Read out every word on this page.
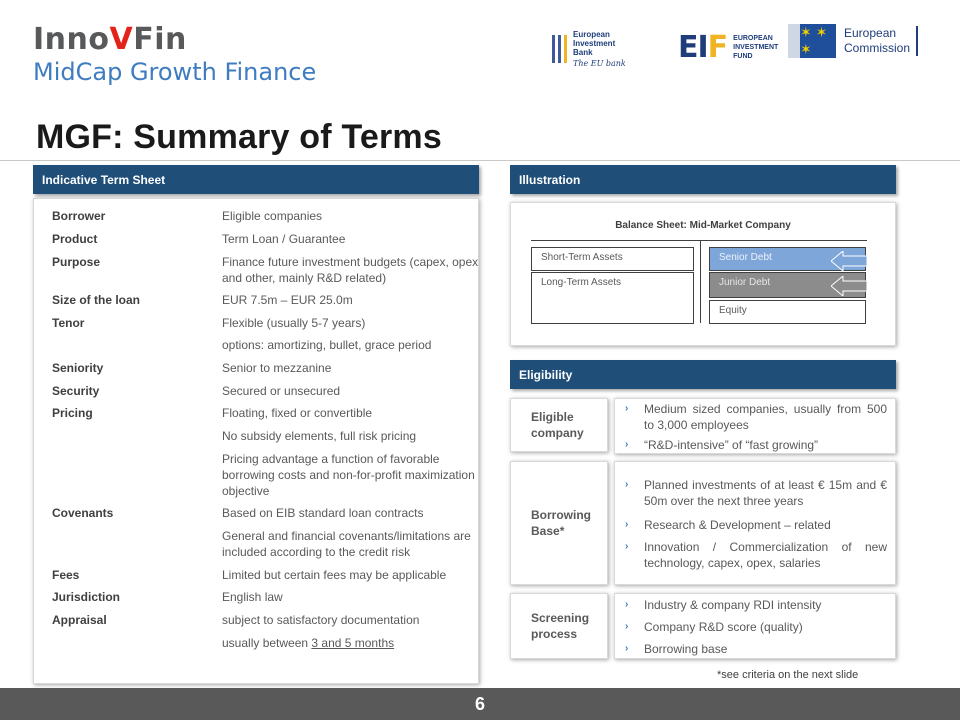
InnoVFin
MidCap Growth Finance
European
Investment
Bank
The EU bank EIF EUROPEAN
INVESTMENT
FUND
✶ ✶ ✶
European
Commission
MGF: Summary of Terms
Indicative Term Sheet
Borrower	Eligible companies
Product	Term Loan / Guarantee
Purpose	Finance future investment budgets (capex, opex and other, mainly R&D related)
Size of the loan	EUR 7.5m – EUR 25.0m
Tenor	Flexible (usually 5-7 years)
options: amortizing, bullet, grace period
Seniority	Senior to mezzanine
Security	Secured or unsecured
Pricing	Floating, fixed or convertible
No subsidy elements, full risk pricing
Pricing advantage a function of favorable borrowing costs and non-for-profit maximization objective
Covenants	Based on EIB standard loan contracts
General and financial covenants/limitations are included according to the credit risk
Fees	Limited but certain fees may be applicable
Jurisdiction	English law
Appraisal	subject to satisfactory documentation
usually between 3 and 5 months
Illustration
Balance Sheet: Mid-Market Company
Short-Term Assets
Long-Term Assets
Senior Debt
Junior Debt
Equity
Eligibility
Eligible company
› Medium sized companies, usually from 500 to 3,000 employees
› “R&D-intensive” of “fast growing”
Borrowing Base*
› Planned investments of at least € 15m and € 50m over the next three years
› Research & Development – related
› Innovation / Commercialization of new technology, capex, opex, salaries
Screening process
› Industry & company RDI intensity
› Company R&D score (quality)
› Borrowing base
*see criteria on the next slide
6
